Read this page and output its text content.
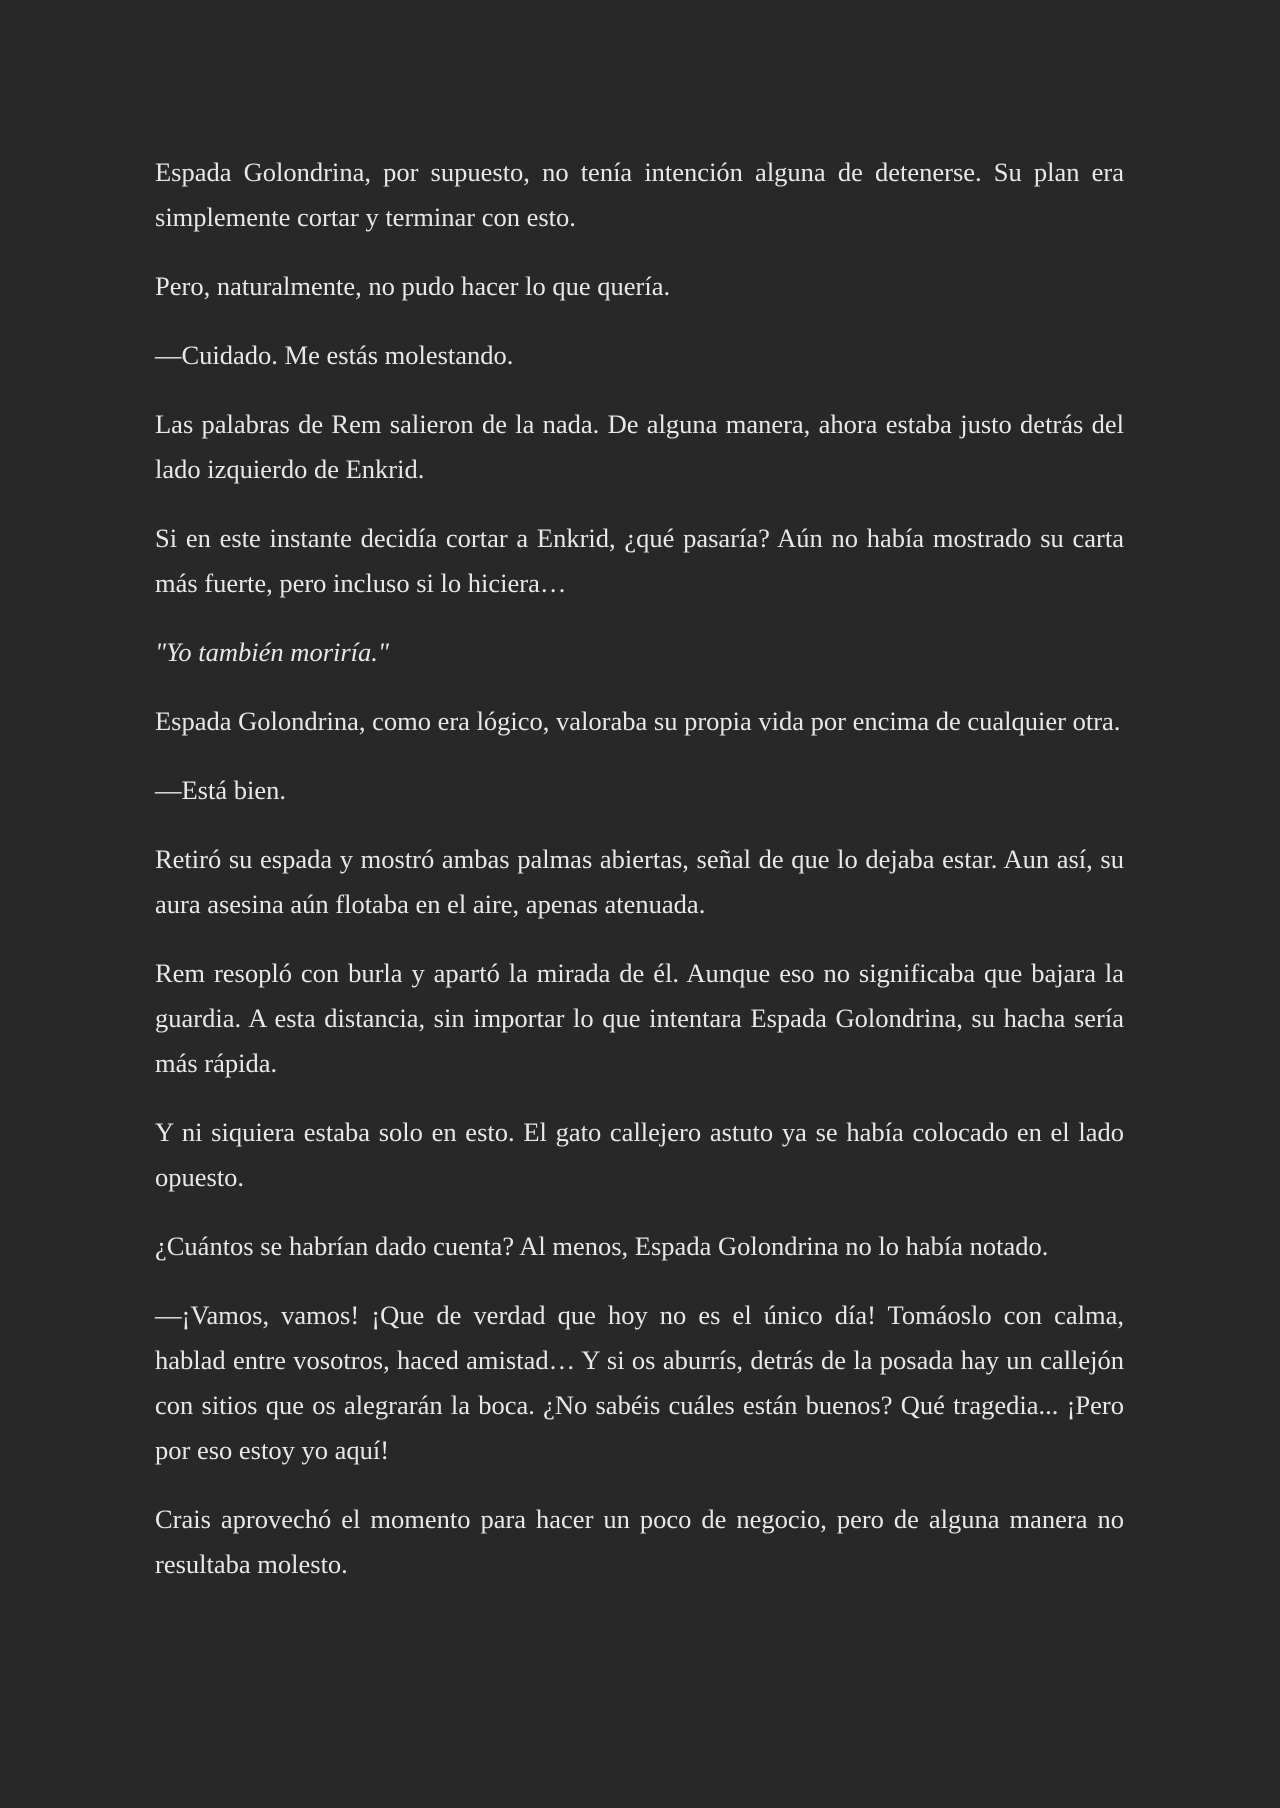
Espada Golondrina, por supuesto, no tenía intención alguna de detenerse. Su plan era simplemente cortar y terminar con esto.

Pero, naturalmente, no pudo hacer lo que quería.

—Cuidado. Me estás molestando.

Las palabras de Rem salieron de la nada. De alguna manera, ahora estaba justo detrás del lado izquierdo de Enkrid.

Si en este instante decidía cortar a Enkrid, ¿qué pasaría? Aún no había mostrado su carta más fuerte, pero incluso si lo hiciera…

"Yo también moriría."

Espada Golondrina, como era lógico, valoraba su propia vida por encima de cualquier otra.

—Está bien.

Retiró su espada y mostró ambas palmas abiertas, señal de que lo dejaba estar. Aun así, su aura asesina aún flotaba en el aire, apenas atenuada.

Rem resopló con burla y apartó la mirada de él. Aunque eso no significaba que bajara la guardia. A esta distancia, sin importar lo que intentara Espada Golondrina, su hacha sería más rápida.

Y ni siquiera estaba solo en esto. El gato callejero astuto ya se había colocado en el lado opuesto.

¿Cuántos se habrían dado cuenta? Al menos, Espada Golondrina no lo había notado.

—¡Vamos, vamos! ¡Que de verdad que hoy no es el único día! Tomáoslo con calma, hablad entre vosotros, haced amistad… Y si os aburrís, detrás de la posada hay un callejón con sitios que os alegrarán la boca. ¿No sabéis cuáles están buenos? Qué tragedia... ¡Pero por eso estoy yo aquí!

Crais aprovechó el momento para hacer un poco de negocio, pero de alguna manera no resultaba molesto.
